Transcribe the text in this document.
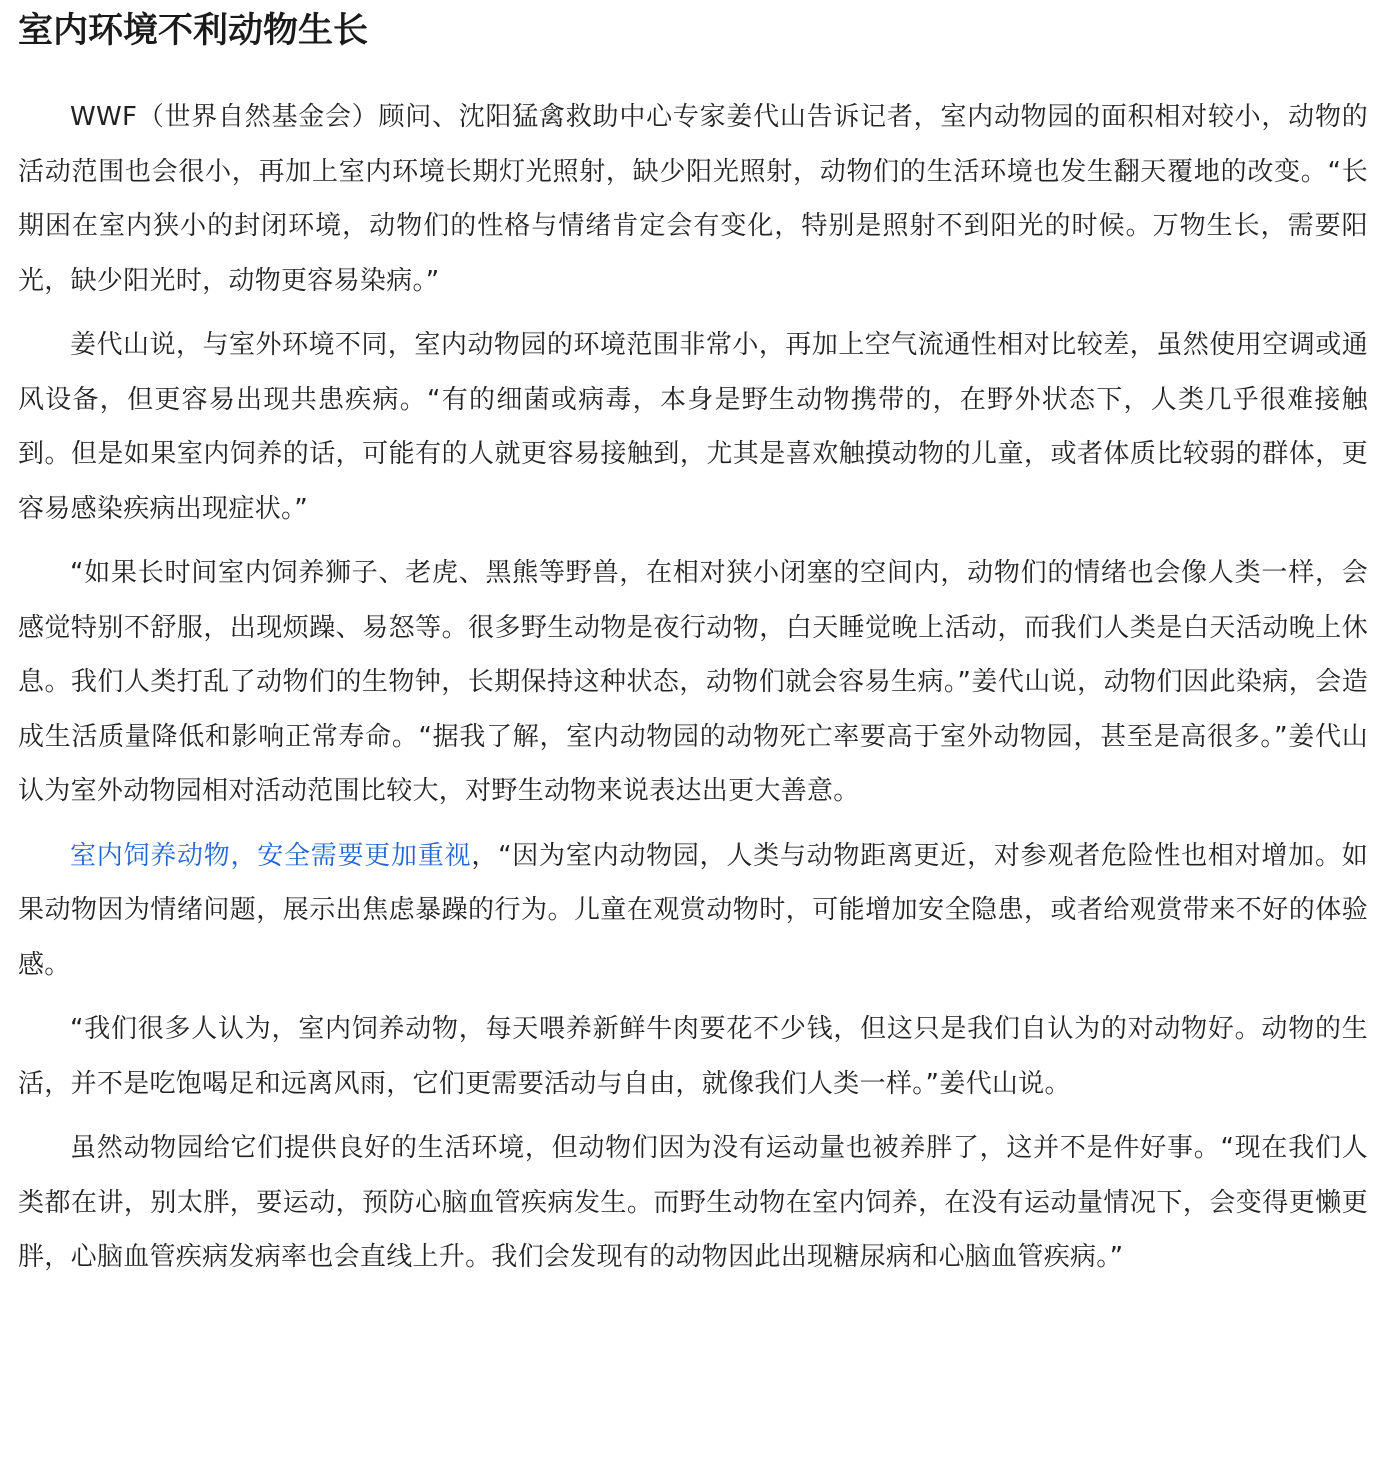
室内环境不利动物生长

WWF（世界自然基金会）顾问、沈阳猛禽救助中心专家姜代山告诉记者，室内动物园的面积相对较小，动物的活动范围也会很小，再加上室内环境长期灯光照射，缺少阳光照射，动物们的生活环境也发生翻天覆地的改变。“长期困在室内狭小的封闭环境，动物们的性格与情绪肯定会有变化，特别是照射不到阳光的时候。万物生长，需要阳光，缺少阳光时，动物更容易染病。”

姜代山说，与室外环境不同，室内动物园的环境范围非常小，再加上空气流通性相对比较差，虽然使用空调或通风设备，但更容易出现共患疾病。“有的细菌或病毒，本身是野生动物携带的，在野外状态下，人类几乎很难接触到。但是如果室内饲养的话，可能有的人就更容易接触到，尤其是喜欢触摸动物的儿童，或者体质比较弱的群体，更容易感染疾病出现症状。”

“如果长时间室内饲养狮子、老虎、黑熊等野兽，在相对狭小闭塞的空间内，动物们的情绪也会像人类一样，会感觉特别不舒服，出现烦躁、易怒等。很多野生动物是夜行动物，白天睡觉晚上活动，而我们人类是白天活动晚上休息。我们人类打乱了动物们的生物钟，长期保持这种状态，动物们就会容易生病。”姜代山说，动物们因此染病，会造成生活质量降低和影响正常寿命。“据我了解，室内动物园的动物死亡率要高于室外动物园，甚至是高很多。”姜代山认为室外动物园相对活动范围比较大，对野生动物来说表达出更大善意。

室内饲养动物，安全需要更加重视，“因为室内动物园，人类与动物距离更近，对参观者危险性也相对增加。如果动物因为情绪问题，展示出焦虑暴躁的行为。儿童在观赏动物时，可能增加安全隐患，或者给观赏带来不好的体验感。

“我们很多人认为，室内饲养动物，每天喂养新鲜牛肉要花不少钱，但这只是我们自认为的对动物好。动物的生活，并不是吃饱喝足和远离风雨，它们更需要活动与自由，就像我们人类一样。”姜代山说。

虽然动物园给它们提供良好的生活环境，但动物们因为没有运动量也被养胖了，这并不是件好事。“现在我们人类都在讲，别太胖，要运动，预防心脑血管疾病发生。而野生动物在室内饲养，在没有运动量情况下，会变得更懒更胖，心脑血管疾病发病率也会直线上升。我们会发现有的动物因此出现糖尿病和心脑血管疾病。”
